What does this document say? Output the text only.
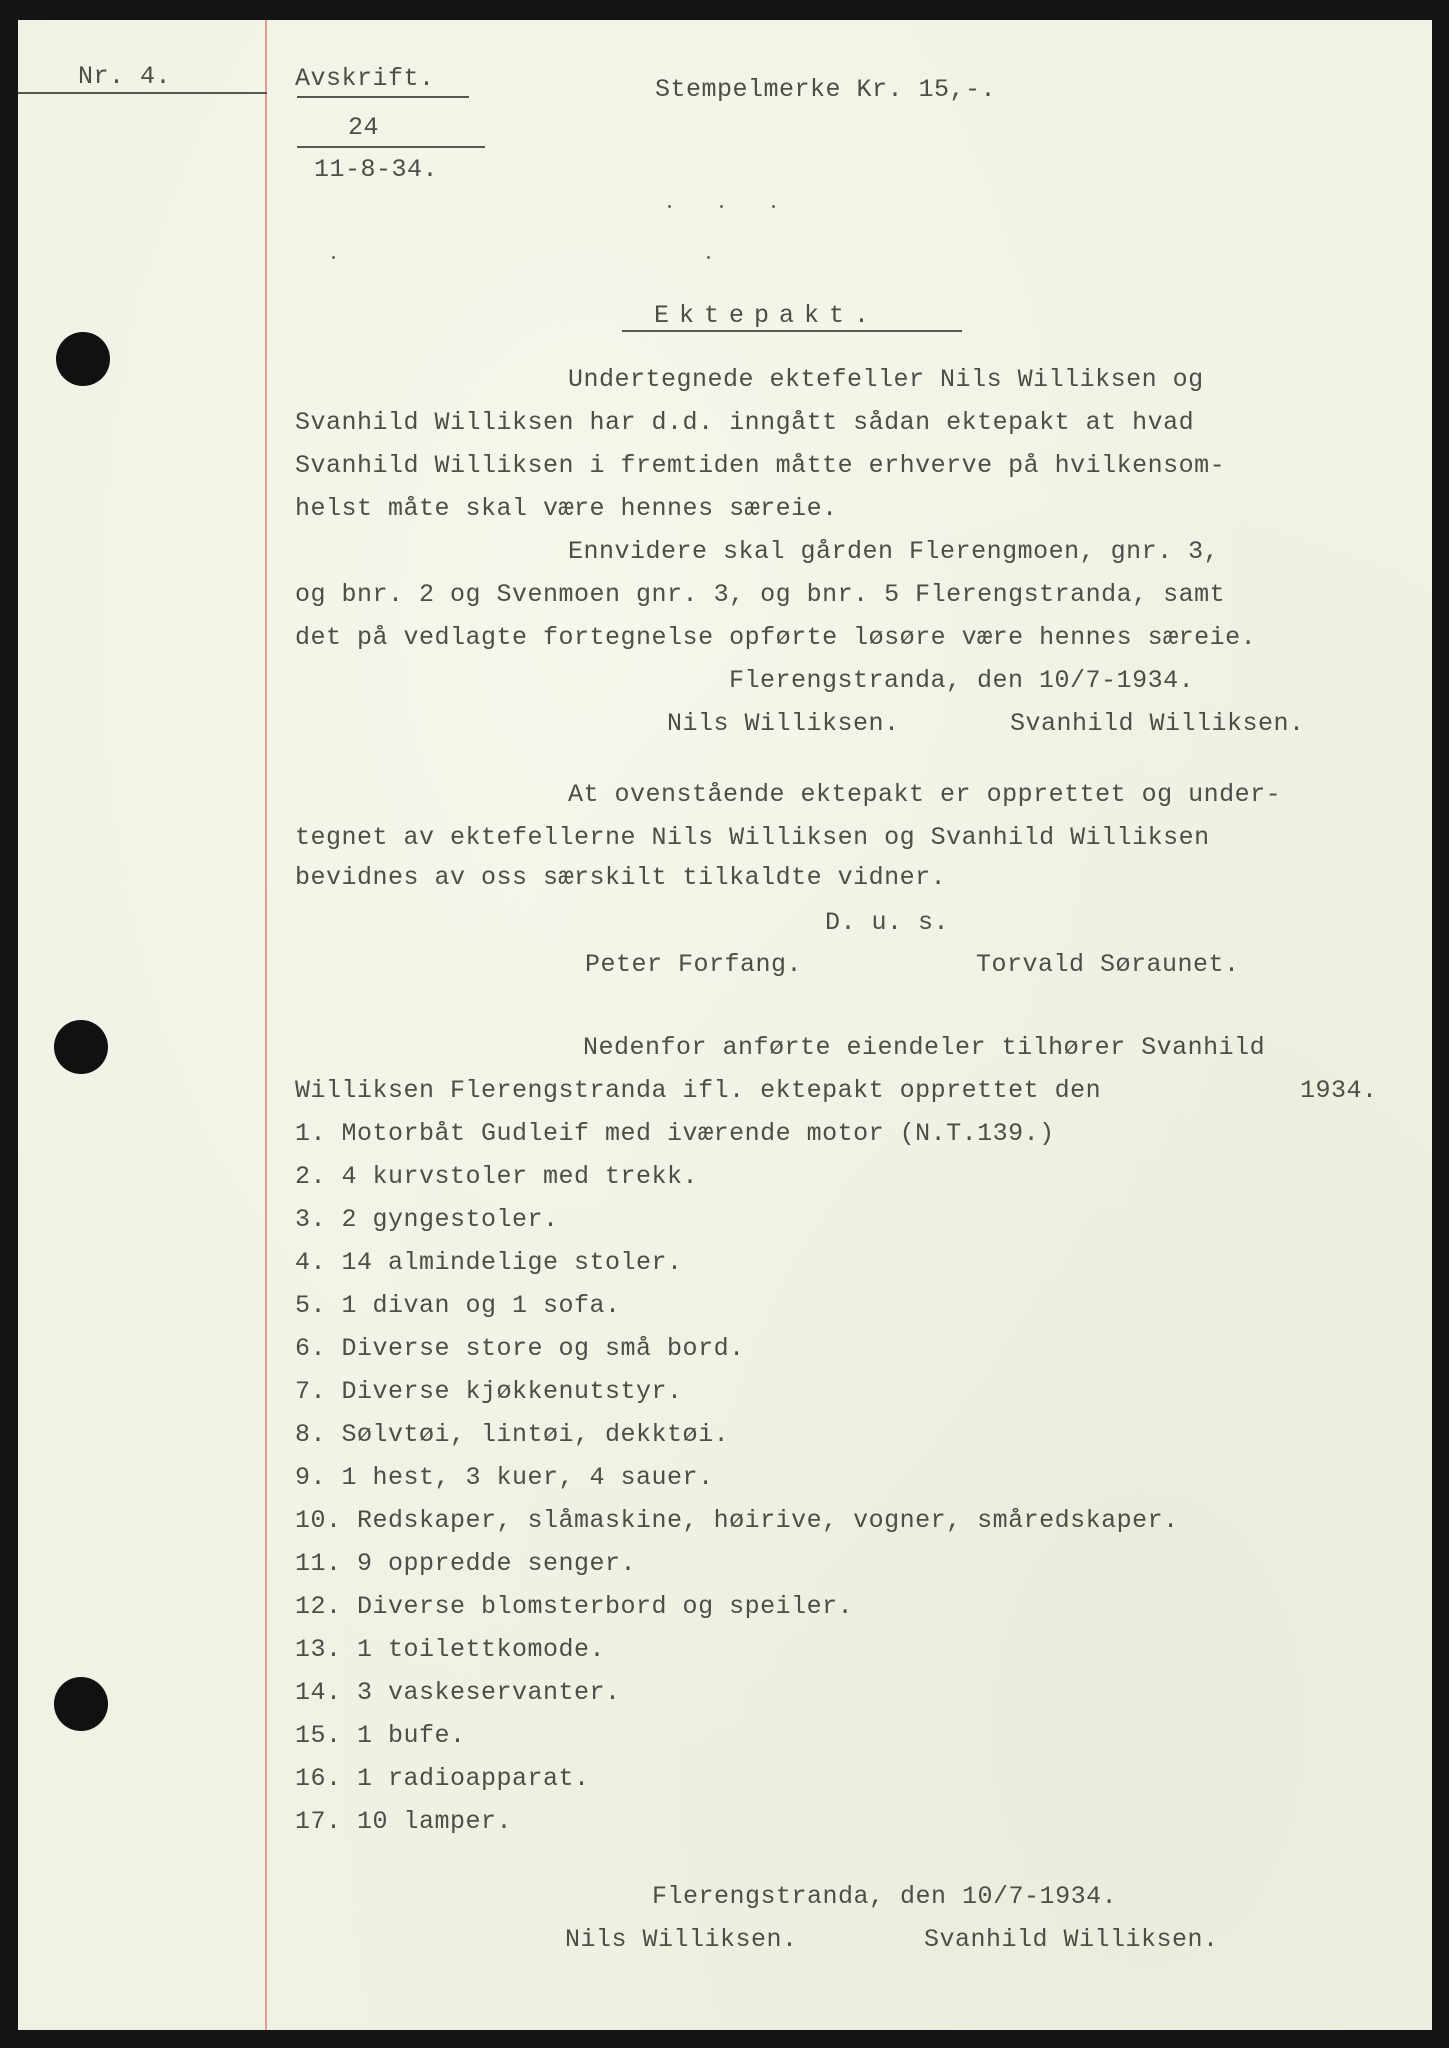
Nr. 4.	Avskrift.
24
11-8-34.
Stempelmerke Kr. 15,-.
Ektepakt.
Undertegnede ektefeller Nils Williksen og
Svanhild Williksen har d.d. inngått sådan ektepakt at hvad
Svanhild Williksen i fremtiden måtte erhverve på hvilkensom-
helst måte skal være hennes særeie.
Ennvidere skal gården Flerengmoen, gnr. 3,
og bnr. 2 og Svenmoen gnr. 3, og bnr. 5 Flerengstranda, samt
det på vedlagte fortegnelse opførte løsøre være hennes særeie.
Flerengstranda, den 10/7-1934.
Nils Williksen.	Svanhild Williksen.
At ovenstående ektepakt er opprettet og under-
tegnet av ektefellerne Nils Williksen og Svanhild Williksen
bevidnes av oss særskilt tilkaldte vidner.
D. u. s.
Peter Forfang.	Torvald Søraunet.
Nedenfor anførte eiendeler tilhører Svanhild
Williksen Flerengstranda ifl. ektepakt opprettet den	1934.
1. Motorbåt Gudleif med iværende motor (N.T.139.)
2. 4 kurvstoler med trekk.
3. 2 gyngestoler.
4. 14 almindelige stoler.
5. 1 divan og 1 sofa.
6. Diverse store og små bord.
7. Diverse kjøkkenutstyr.
8. Sølvtøi, lintøi, dekktøi.
9. 1 hest, 3 kuer, 4 sauer.
10. Redskaper, slåmaskine, høirive, vogner, småredskaper.
11. 9 oppredde senger.
12. Diverse blomsterbord og speiler.
13. 1 toilettkomode.
14. 3 vaskeservanter.
15. 1 bufe.
16. 1 radioapparat.
17. 10 lamper.
Flerengstranda, den 10/7-1934.
Nils Williksen.	Svanhild Williksen.
